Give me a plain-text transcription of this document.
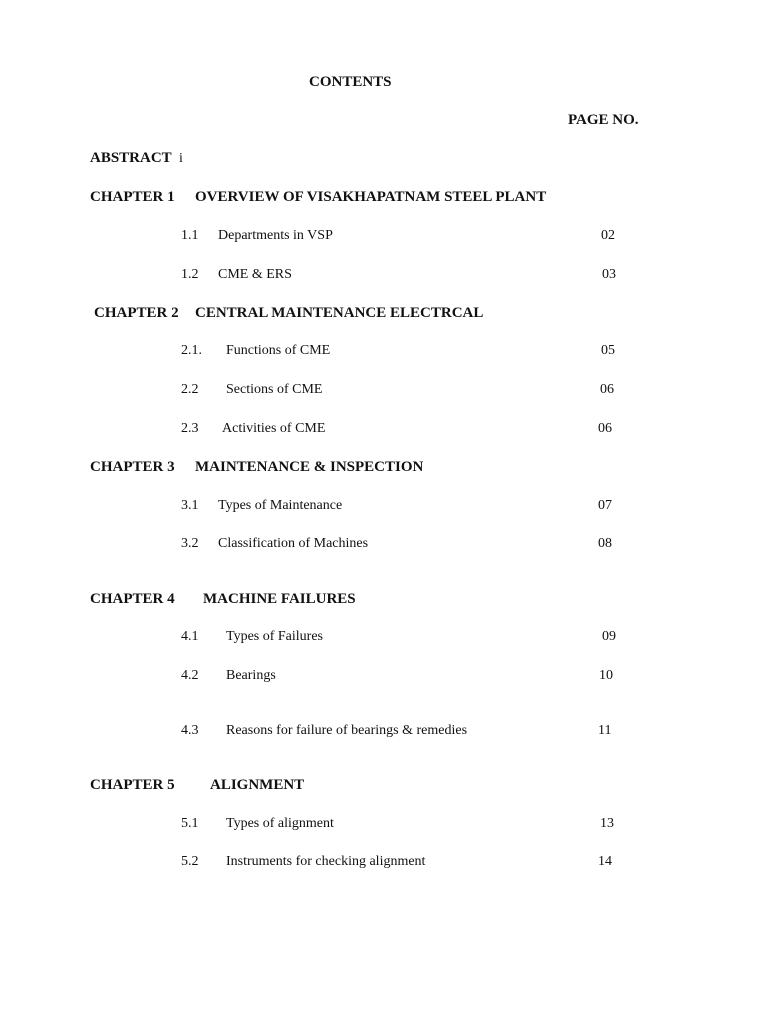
CONTENTS
PAGE NO.
ABSTRACT i
CHAPTER 1 OVERVIEW OF VISAKHAPATNAM STEEL PLANT
1.1 Departments in VSP	02
1.2 CME & ERS	03
CHAPTER 2 CENTRAL MAINTENANCE ELECTRCAL
2.1. Functions of CME	05
2.2 Sections of CME	06
2.3 Activities of CME	06
CHAPTER 3 MAINTENANCE & INSPECTION
3.1 Types of Maintenance	07
3.2 Classification of Machines	08
CHAPTER 4 MACHINE FAILURES
4.1 Types of Failures	09
4.2 Bearings	10
4.3 Reasons for failure of bearings & remedies	11
CHAPTER 5 ALIGNMENT
5.1 Types of alignment	13
5.2 Instruments for checking alignment	14
